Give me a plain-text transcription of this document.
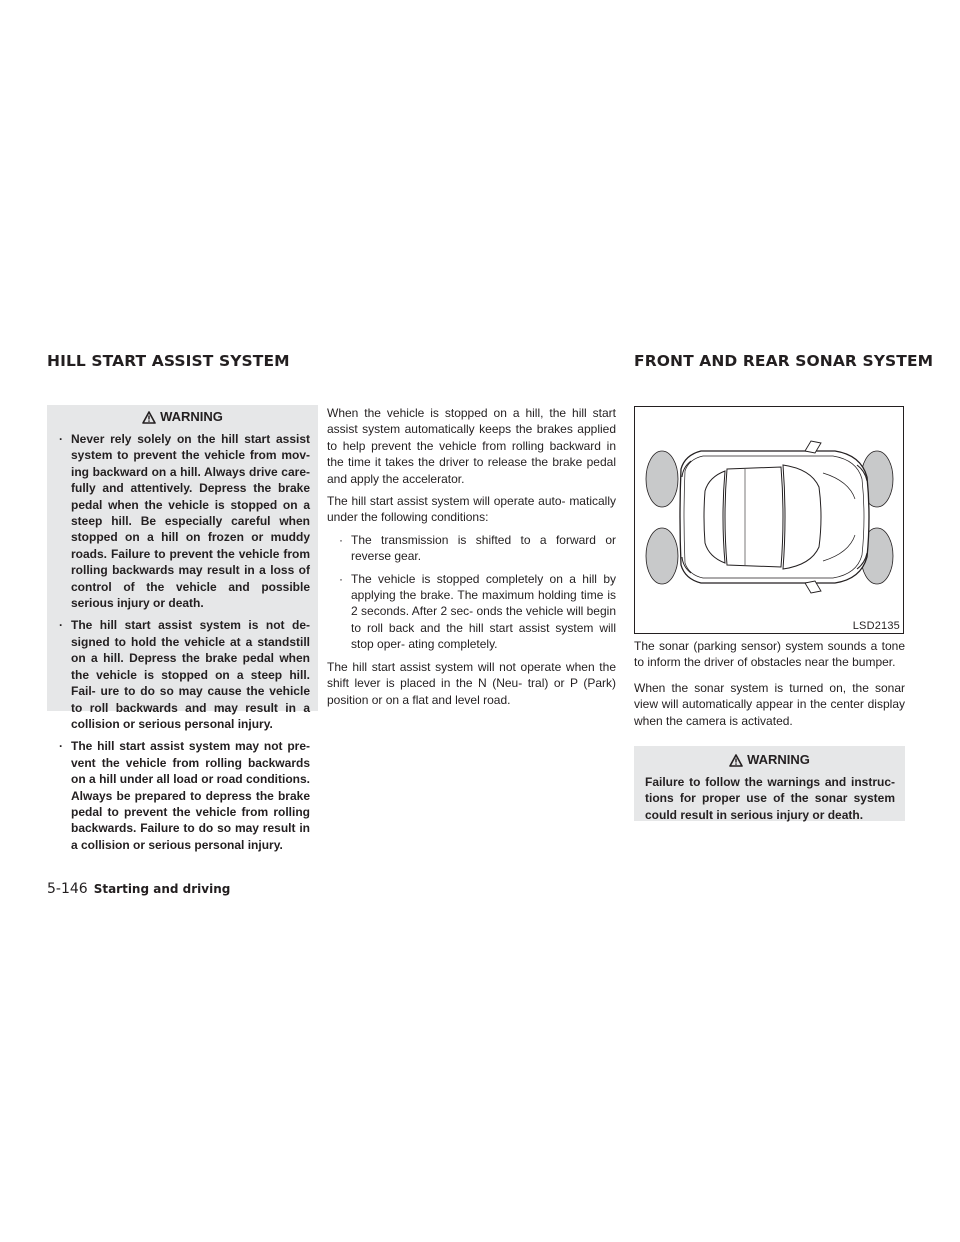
HILL START ASSIST SYSTEM	FRONT AND REAR SONAR SYSTEM
WARNING
· Never rely solely on the hill start assist system to prevent the vehicle from mov- ing backward on a hill. Always drive care- fully and attentively. Depress the brake pedal when the vehicle is stopped on a steep hill. Be especially careful when stopped on a hill on frozen or muddy roads. Failure to prevent the vehicle from rolling backwards may result in a loss of control of the vehicle and possible serious injury or death.
· The hill start assist system is not de- signed to hold the vehicle at a standstill on a hill. Depress the brake pedal when the vehicle is stopped on a steep hill. Fail- ure to do so may cause the vehicle to roll backwards and may result in a collision or serious personal injury.
· The hill start assist system may not pre- vent the vehicle from rolling backwards on a hill under all load or road conditions. Always be prepared to depress the brake pedal to prevent the vehicle from rolling backwards. Failure to do so may result in a collision or serious personal injury.

When the vehicle is stopped on a hill, the hill start assist system automatically keeps the brakes applied to help prevent the vehicle from rolling backward in the time it takes the driver to release the brake pedal and apply the accelerator.

The hill start assist system will operate auto- matically under the following conditions:

· The transmission is shifted to a forward or reverse gear.
· The vehicle is stopped completely on a hill by applying the brake. The maximum holding time is 2 seconds. After 2 sec- onds the vehicle will begin to roll back and the hill start assist system will stop oper- ating completely.

The hill start assist system will not operate when the shift lever is placed in the N (Neu- tral) or P (Park) position or on a flat and level road.

LSD2135

The sonar (parking sensor) system sounds a tone to inform the driver of obstacles near the bumper.

When the sonar system is turned on, the sonar view will automatically appear in the center display when the camera is activated.

WARNING
Failure to follow the warnings and instruc- tions for proper use of the sonar system could result in serious injury or death.
5-146 Starting and driving
